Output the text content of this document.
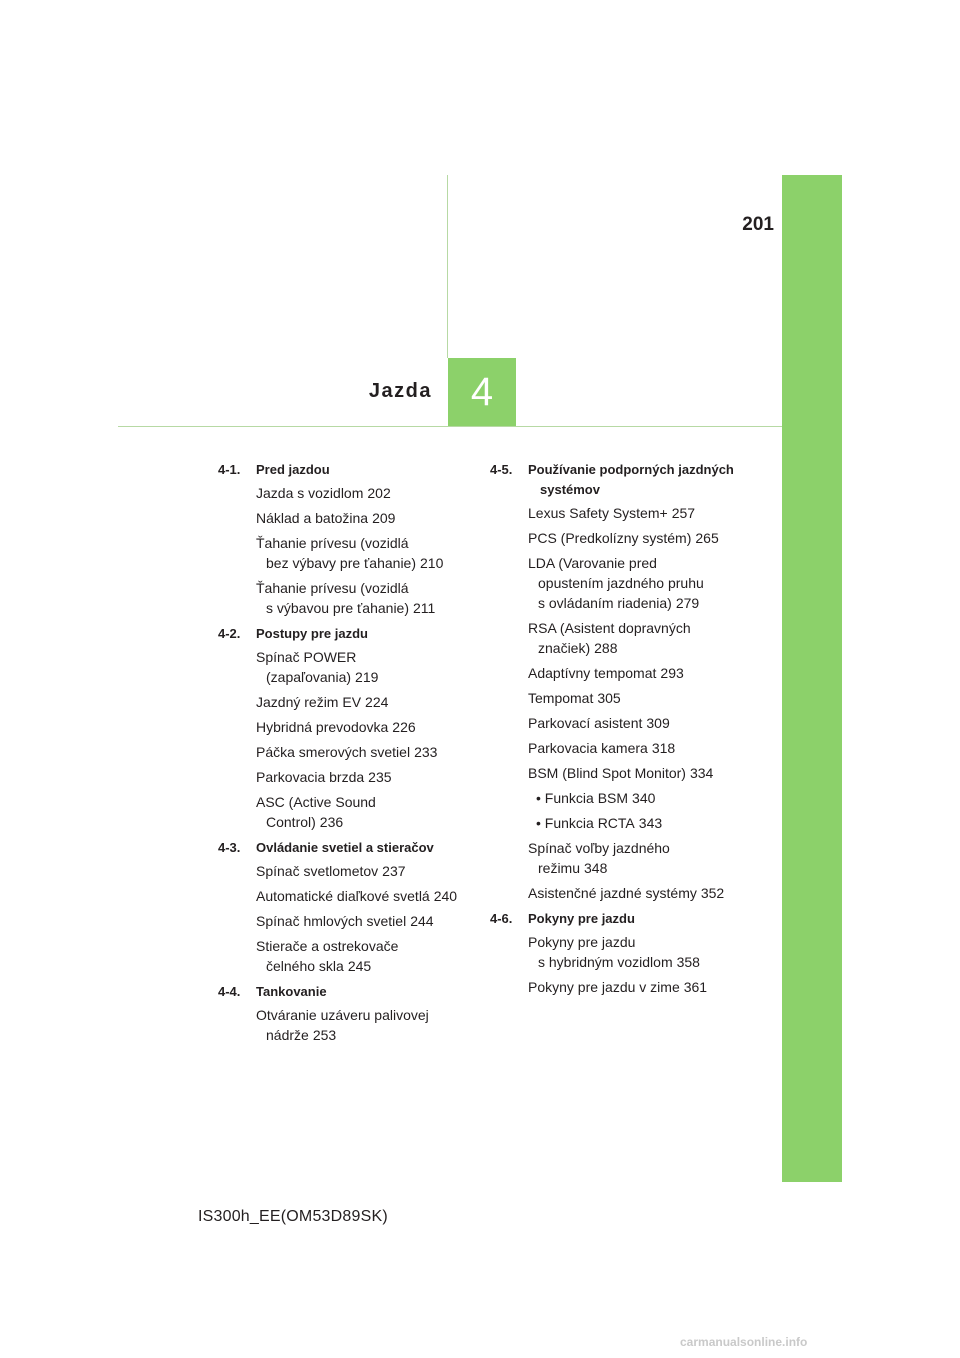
4
Jazda
201
4-1.	Pred jazdou
Jazda s vozidlom 202
Náklad a batožina 209
Ťahanie prívesu (vozidlá
bez výbavy pre ťahanie) 210
Ťahanie prívesu (vozidlá
s výbavou pre ťahanie) 211
4-2.	Postupy pre jazdu
Spínač POWER
(zapaľovania) 219
Jazdný režim EV 224
Hybridná prevodovka 226
Páčka smerových svetiel 233
Parkovacia brzda 235
ASC (Active Sound
Control) 236
4-3.	Ovládanie svetiel a stieračov
Spínač svetlometov 237
Automatické diaľkové svetlá 240
Spínač hmlových svetiel 244
Stierače a ostrekovače
čelného skla 245
4-4.	Tankovanie
Otváranie uzáveru palivovej
nádrže 253
4-5.	Používanie podporných jazdných
systémov
Lexus Safety System+ 257
PCS (Predkolízny systém) 265
LDA (Varovanie pred
opustením jazdného pruhu
s ovládaním riadenia) 279
RSA (Asistent dopravných
značiek) 288
Adaptívny tempomat 293
Tempomat 305
Parkovací asistent 309
Parkovacia kamera 318
BSM (Blind Spot Monitor) 334
• Funkcia BSM 340
• Funkcia RCTA 343
Spínač voľby jazdného
režimu 348
Asistenčné jazdné systémy 352
4-6.	Pokyny pre jazdu
Pokyny pre jazdu
s hybridným vozidlom 358
Pokyny pre jazdu v zime 361
IS300h_EE(OM53D89SK)
carmanualsonline.info
